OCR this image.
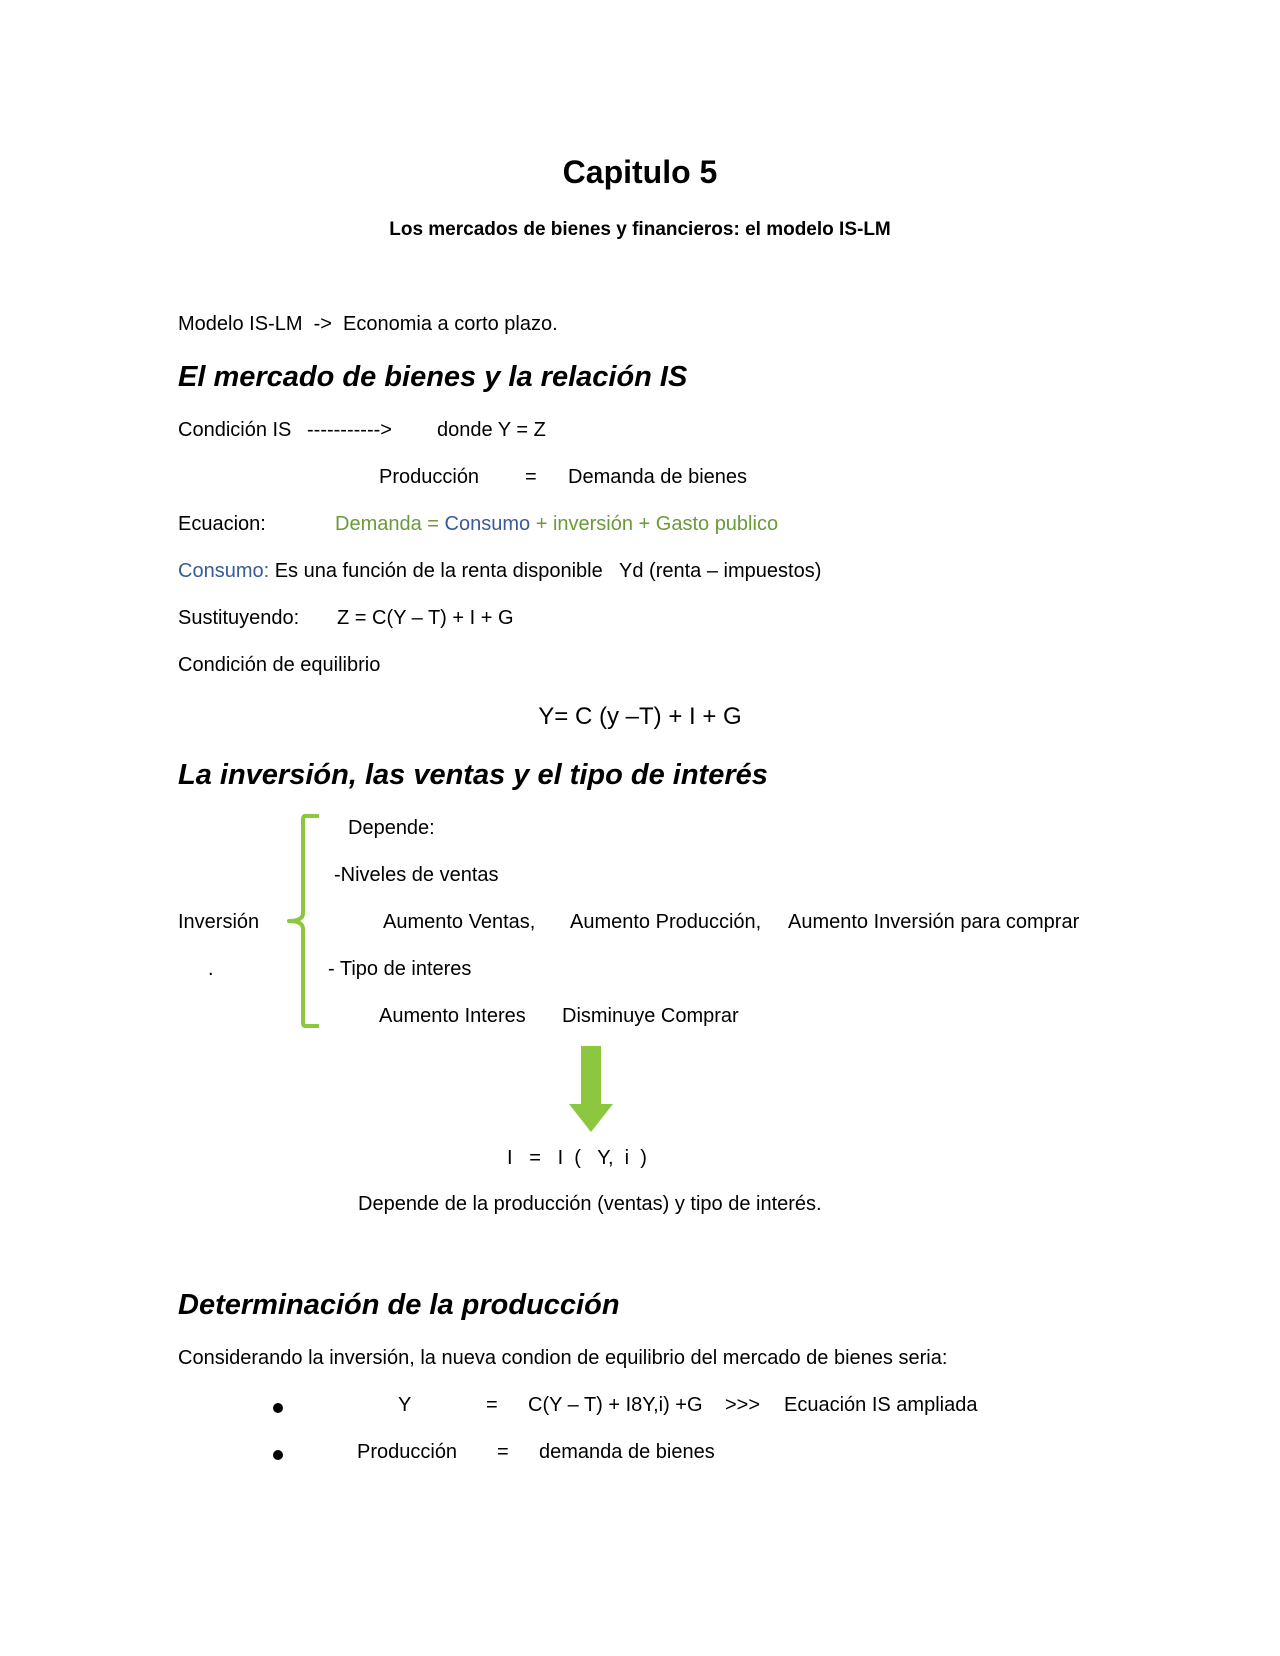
Capitulo 5
Los mercados de bienes y financieros: el modelo IS-LM
Modelo IS-LM  ->  Economia a corto plazo.
El mercado de bienes y la relación IS
Condición IS -----------> donde Y = Z
Producción = Demanda de bienes
Ecuacion:	Demanda = Consumo + inversión + Gasto publico
Consumo: Es una función de la renta disponible   Yd (renta – impuestos)
Sustituyendo: Z = C(Y – T) + I + G
Condición de equilibrio
Y= C (y –T) + I + G
La inversión, las ventas y el tipo de interés
Depende:
-Niveles de ventas
Inversión	Aumento Ventas, Aumento Producción, Aumento Inversión para comprar
.	- Tipo de interes
Aumento Interes Disminuye Comprar
I   =   I  (   Y,  i  )
Depende de la producción (ventas) y tipo de interés.
Determinación de la producción
Considerando la inversión, la nueva condion de equilibrio del mercado de bienes seria:
Y	= C(Y – T) + I8Y,i) +G >>> Ecuación IS ampliada
Producción = demanda de bienes
